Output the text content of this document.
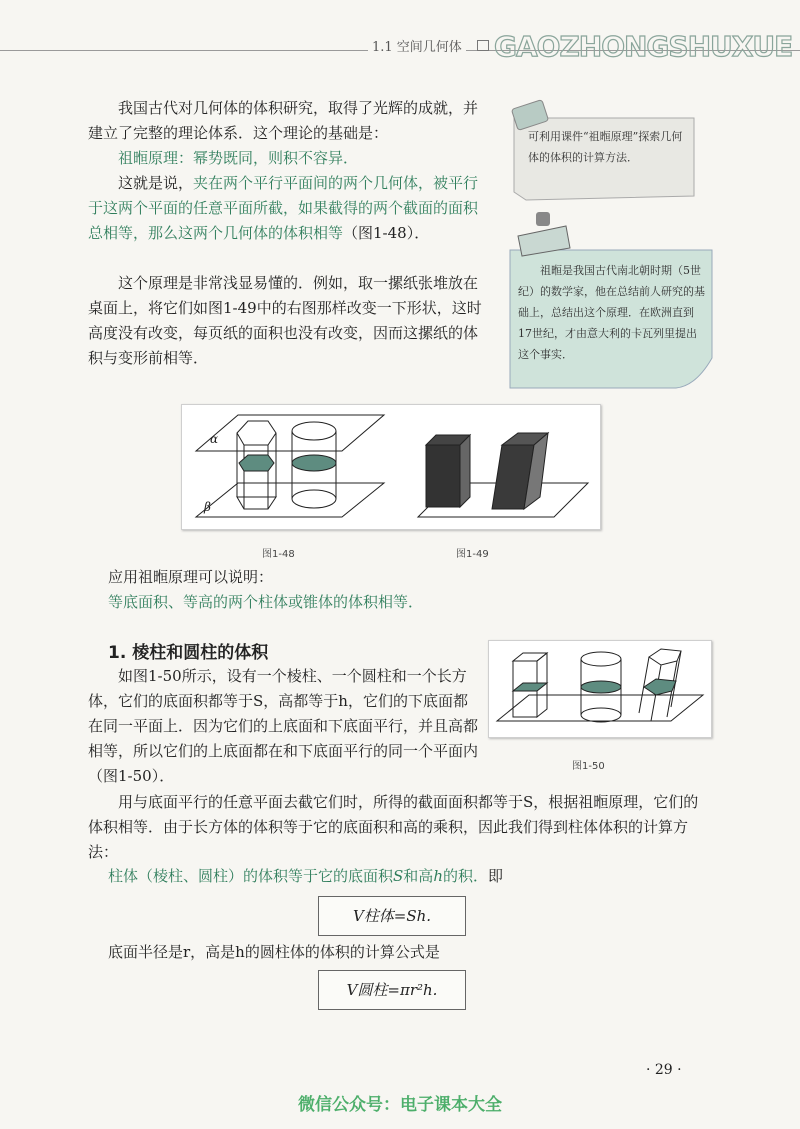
1.1 空间几何体 GAOZHONGSHUXUE

我国古代对几何体的体积研究，取得了光辉的成就，并建立了完整的理论体系．这个理论的基础是：

祖暅原理：幂势既同，则积不容异．

这就是说，夹在两个平行平面间的两个几何体，被平行于这两个平面的任意平面所截，如果截得的两个截面的面积总相等，那么这两个几何体的体积相等（图1-48）．

这个原理是非常浅显易懂的．例如，取一摞纸张堆放在桌面上，将它们如图1-49中的右图那样改变一下形状，这时高度没有改变，每页纸的面积也没有改变，因而这摞纸的体积与变形前相等．

可利用课件“祖暅原理”探索几何体的体积的计算方法．
祖暅是我国古代南北朝时期（5世纪）的数学家，他在总结前人研究的基础上，总结出这个原理．在欧洲直到17世纪，才由意大利的卡瓦列里提出这个事实．
α
β
图1-48	图1-49

应用祖暅原理可以说明：

等底面积、等高的两个柱体或锥体的体积相等．

1. 棱柱和圆柱的体积

如图1-50所示，设有一个棱柱、一个圆柱和一个长方体，它们的底面积都等于S，高都等于h，它们的下底面都在同一平面上．因为它们的上底面和下底面平行，并且高都相等，所以它们的上底面都在和下底面平行的同一个平面内（图1-50）．

图1-50

用与底面平行的任意平面去截它们时，所得的截面面积都等于S，根据祖暅原理，它们的体积相等．由于长方体的体积等于它的底面积和高的乘积，因此我们得到柱体体积的计算方法：

柱体（棱柱、圆柱）的体积等于它的底面积S和高h的积．即

V柱体=Sh.

底面半径是r，高是h的圆柱体的体积的计算公式是

V圆柱=πr²h.
· 29 ·
微信公众号：电子课本大全
